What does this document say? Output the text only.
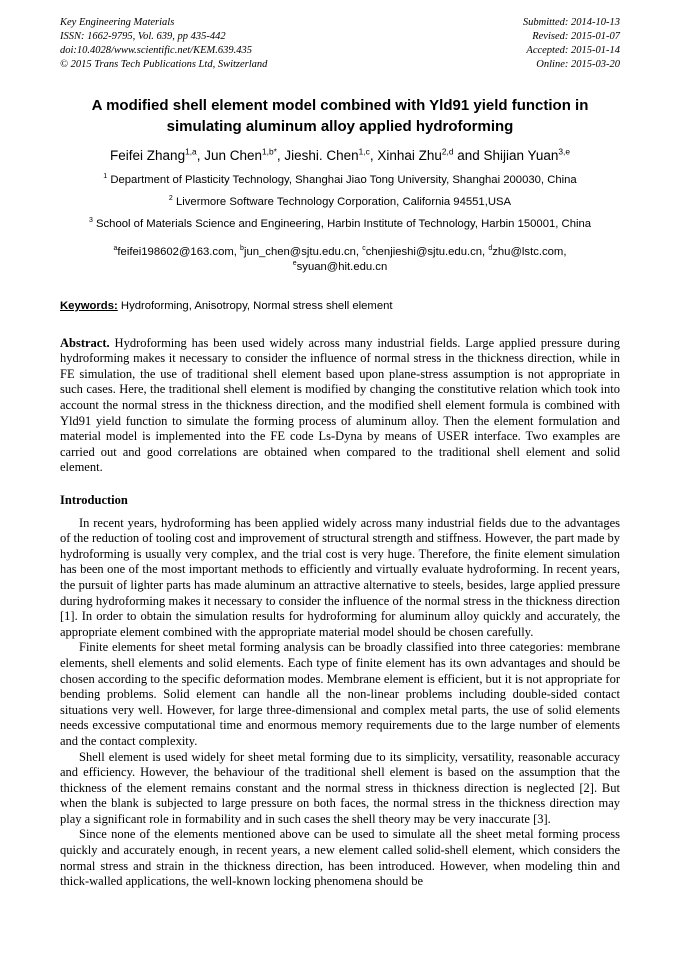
Key Engineering Materials
ISSN: 1662-9795, Vol. 639, pp 435-442
doi:10.4028/www.scientific.net/KEM.639.435
© 2015 Trans Tech Publications Ltd, Switzerland
Submitted: 2014-10-13
Revised: 2015-01-07
Accepted: 2015-01-14
Online: 2015-03-20
A modified shell element model combined with Yld91 yield function in simulating aluminum alloy applied hydroforming
Feifei Zhang$^{1,a}$, Jun Chen$^{1,b*}$, Jieshi. Chen$^{1,c}$, Xinhai Zhu$^{2,d}$ and Shijian Yuan$^{3,e}$
$^1$ Department of Plasticity Technology, Shanghai Jiao Tong University, Shanghai 200030, China
$^2$ Livermore Software Technology Corporation, California 94551,USA
$^3$ School of Materials Science and Engineering, Harbin Institute of Technology, Harbin 150001, China
$^a$feifei198602@163.com, $^b$jun_chen@sjtu.edu.cn, $^c$chenjieshi@sjtu.edu.cn, $^d$zhu@lstc.com, $^e$syuan@hit.edu.cn
Keywords: Hydroforming, Anisotropy, Normal stress shell element

Abstract. Hydroforming has been used widely across many industrial fields. Large applied pressure during hydroforming makes it necessary to consider the influence of normal stress in the thickness direction, while in FE simulation, the use of traditional shell element based upon plane-stress assumption is not appropriate in such cases. Here, the traditional shell element is modified by changing the constitutive relation which took into account the normal stress in the thickness direction, and the modified shell element formula is combined with Yld91 yield function to simulate the forming process of aluminum alloy. Then the element formulation and material model is implemented into the FE code Ls-Dyna by means of USER interface. Two examples are carried out and good correlations are obtained when compared to the traditional shell element and solid element.

Introduction

In recent years, hydroforming has been applied widely across many industrial fields due to the advantages of the reduction of tooling cost and improvement of structural strength and stiffness. However, the part made by hydroforming is usually very complex, and the trial cost is very huge. Therefore, the finite element simulation has been one of the most important methods to efficiently and virtually evaluate hydroforming. In recent years, the pursuit of lighter parts has made aluminum an attractive alternative to steels, besides, large applied pressure during hydroforming makes it necessary to consider the influence of the normal stress in the thickness direction [1]. In order to obtain the simulation results for hydroforming for aluminum alloy quickly and accurately, the appropriate element combined with the appropriate material model should be chosen carefully.

Finite elements for sheet metal forming analysis can be broadly classified into three categories: membrane elements, shell elements and solid elements. Each type of finite element has its own advantages and should be chosen according to the specific deformation modes. Membrane element is efficient, but it is not appropriate for bending problems. Solid element can handle all the non-linear problems including double-sided contact situations very well. However, for large three-dimensional and complex metal parts, the use of solid elements needs excessive computational time and enormous memory requirements due to the large number of elements and the contact complexity.

Shell element is used widely for sheet metal forming due to its simplicity, versatility, reasonable accuracy and efficiency. However, the behaviour of the traditional shell element is based on the assumption that the thickness of the element remains constant and the normal stress in thickness direction is neglected [2]. But when the blank is subjected to large pressure on both faces, the normal stress in the thickness direction may play a significant role in formability and in such cases the shell theory may be very inaccurate [3].

Since none of the elements mentioned above can be used to simulate all the sheet metal forming process quickly and accurately enough, in recent years, a new element called solid-shell element, which considers the normal stress and strain in the thickness direction, has been introduced. However, when modeling thin and thick-walled applications, the well-known locking phenomena should be
